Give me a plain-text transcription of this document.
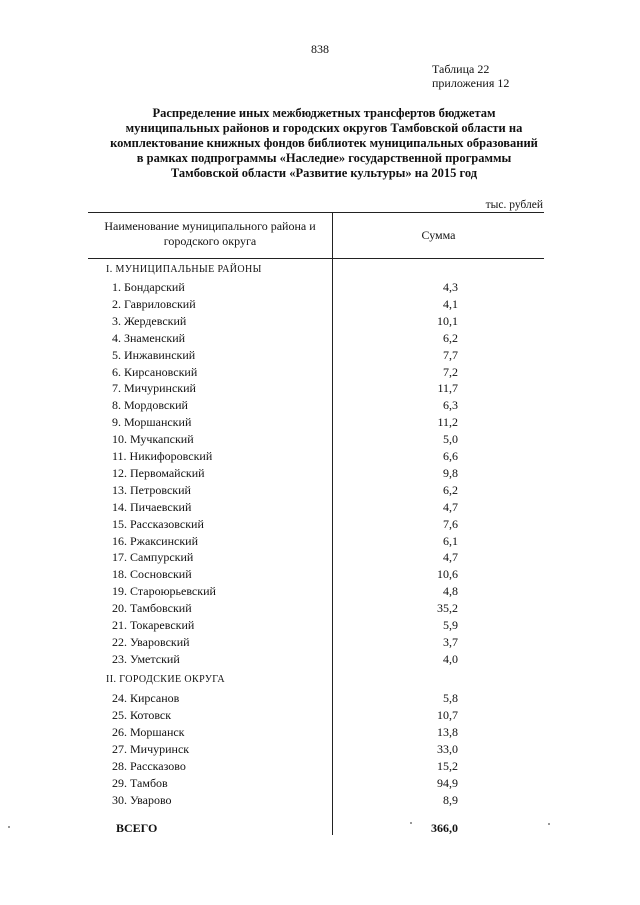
838
Таблица 22
приложения 12
Распределение иных межбюджетных трансфертов бюджетам
муниципальных районов и городских округов Тамбовской области на
комплектование книжных фондов библиотек муниципальных образований
в рамках подпрограммы «Наследие» государственной программы
Тамбовской области «Развитие культуры» на 2015 год
тыс. рублей
Наименование муниципального района и
городского округа	Сумма
I. МУНИЦИПАЛЬНЫЕ РАЙОНЫ
1. Бондарский	4,3
2. Гавриловский	4,1
3. Жердевский	10,1
4. Знаменский	6,2
5. Инжавинский	7,7
6. Кирсановский	7,2
7. Мичуринский	11,7
8. Мордовский	6,3
9. Моршанский	11,2
10. Мучкапский	5,0
11. Никифоровский	6,6
12. Первомайский	9,8
13. Петровский	6,2
14. Пичаевский	4,7
15. Рассказовский	7,6
16. Ржаксинский	6,1
17. Сампурский	4,7
18. Сосновский	10,6
19. Староюрьевский	4,8
20. Тамбовский	35,2
21. Токаревский	5,9
22. Уваровский	3,7
23. Уметский	4,0
II. ГОРОДСКИЕ ОКРУГА
24. Кирсанов	5,8
25. Котовск	10,7
26. Моршанск	13,8
27. Мичуринск	33,0
28. Рассказово	15,2
29. Тамбов	94,9
30. Уварово	8,9
ВСЕГО	366,0
